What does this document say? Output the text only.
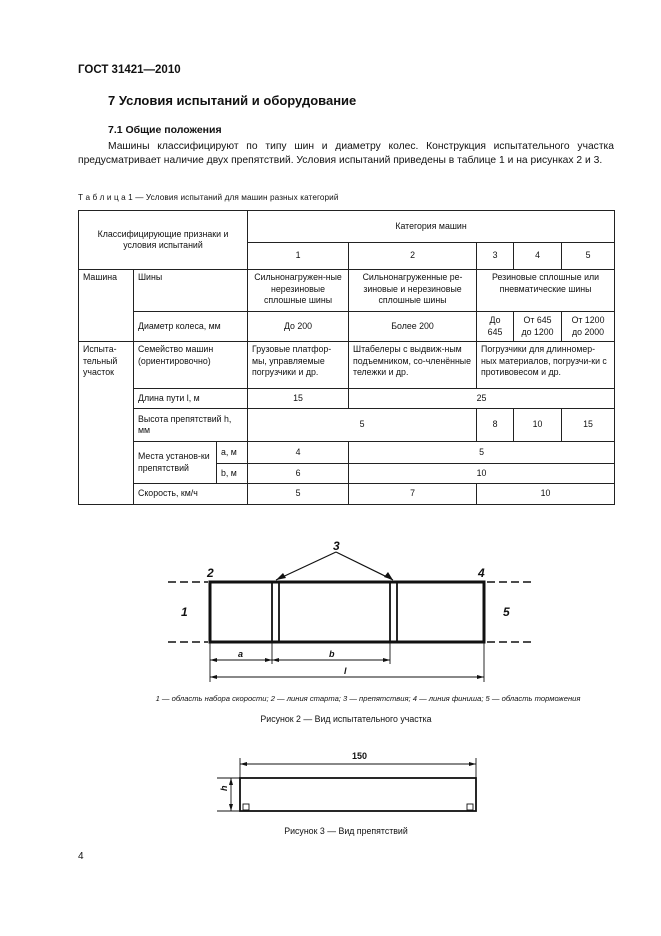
ГОСТ 31421—2010
7 Условия испытаний и оборудование
7.1 Общие положения
Машины классифицируют по типу шин и диаметру колес. Конструкция испытательного участка предусматривает наличие двух препятствий. Условия испытаний приведены в таблице 1 и на рисунках 2 и 3.
Т а б л и ц а 1 — Условия испытаний для машин разных категорий
Классифицирующие признаки и условия испытаний			Категория машин				
			1	2	3	4	5
Машина	Шины		Сильнонагружен-ные нерезиновые сплошные шины	Сильнонагруженные ре-зиновые и нерезиновые сплошные шины	Резиновые сплошные или пневматические шины		
	Диаметр колеса, мм		До 200	Более 200	До 645	От 645 до 1200	От 1200 до 2000
Испыта-тельный участок	Семейство машин (ориентировочно)		Грузовые платфор-мы, управляемые погрузчики и др.	Штабелеры с выдвиж-ным подъемником, со-членённые тележки и др.	Погрузчики для длинномер-ных материалов, погрузчи-ки с противовесом и др.		
	Длина пути l, м		15	25			
	Высота препятствий h, мм		5		8	10	15
	Места установ-ки препятствий	a, м	4	5			
		b, м	6	10			
	Скорость, км/ч		5	7	10		
1
2
3
4
5
a	b
l
1 — область набора скорости; 2 — линия старта; 3 — препятствия; 4 — линия финиша; 5 — область торможения
Рисунок 2 — Вид испытательного участка
150
h
Рисунок 3 — Вид препятствий
4
